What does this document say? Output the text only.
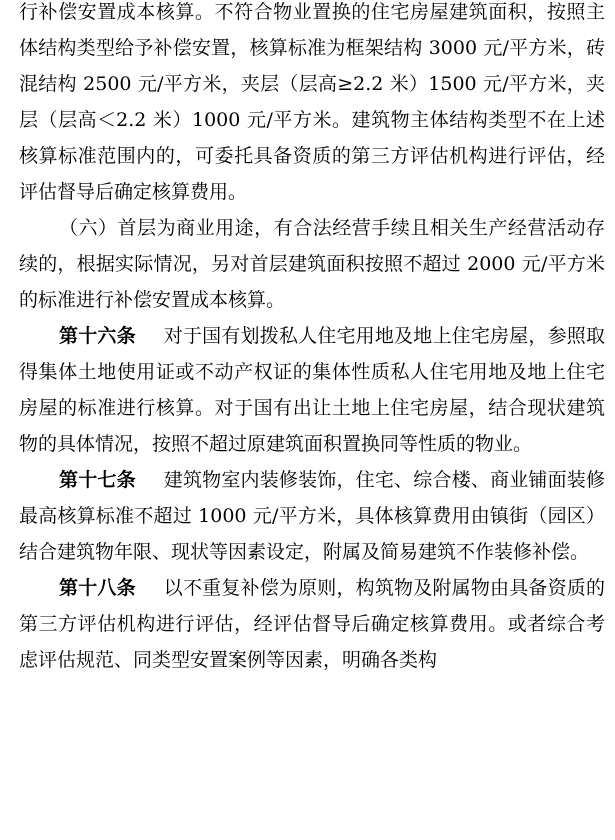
行补偿安置成本核算。不符合物业置换的住宅房屋建筑面积，按照主体结构类型给予补偿安置，核算标准为框架结构 3000 元/平方米，砖混结构 2500 元/平方米，夹层（层高≥2.2 米）1500 元/平方米，夹层（层高＜2.2 米）1000 元/平方米。建筑物主体结构类型不在上述核算标准范围内的，可委托具备资质的第三方评估机构进行评估，经评估督导后确定核算费用。

（六）首层为商业用途，有合法经营手续且相关生产经营活动存续的，根据实际情况，另对首层建筑面积按照不超过 2000 元/平方米的标准进行补偿安置成本核算。

第十六条 对于国有划拨私人住宅用地及地上住宅房屋，参照取得集体土地使用证或不动产权证的集体性质私人住宅用地及地上住宅房屋的标准进行核算。对于国有出让土地上住宅房屋，结合现状建筑物的具体情况，按照不超过原建筑面积置换同等性质的物业。

第十七条 建筑物室内装修装饰，住宅、综合楼、商业铺面装修最高核算标准不超过 1000 元/平方米，具体核算费用由镇街（园区）结合建筑物年限、现状等因素设定，附属及简易建筑不作装修补偿。

第十八条 以不重复补偿为原则，构筑物及附属物由具备资质的第三方评估机构进行评估，经评估督导后确定核算费用。或者综合考虑评估规范、同类型安置案例等因素，明确各类构
